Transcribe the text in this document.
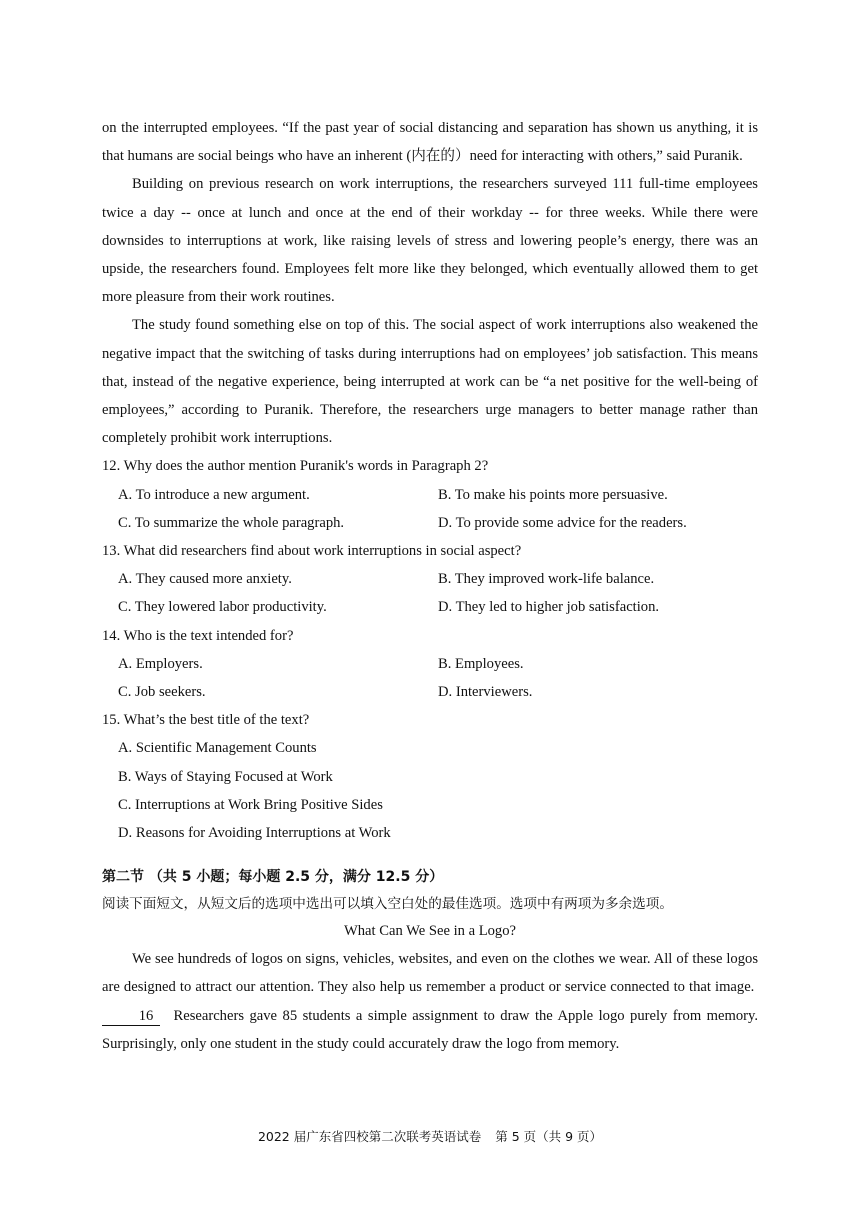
on the interrupted employees. “If the past year of social distancing and separation has shown us anything, it is that humans are social beings who have an inherent (内在的）need for interacting with others,” said Puranik.

Building on previous research on work interruptions, the researchers surveyed 111 full-time employees twice a day -- once at lunch and once at the end of their workday -- for three weeks. While there were downsides to interruptions at work, like raising levels of stress and lowering people’s energy, there was an upside, the researchers found. Employees felt more like they belonged, which eventually allowed them to get more pleasure from their work routines.

The study found something else on top of this. The social aspect of work interruptions also weakened the negative impact that the switching of tasks during interruptions had on employees’ job satisfaction. This means that, instead of the negative experience, being interrupted at work can be “a net positive for the well-being of employees,” according to Puranik. Therefore, the researchers urge managers to better manage rather than completely prohibit work interruptions.

12. Why does the author mention Puranik's words in Paragraph 2?

A. To introduce a new argument.	B. To make his points more persuasive.
C. To summarize the whole paragraph.	D. To provide some advice for the readers.

13. What did researchers find about work interruptions in social aspect?

A. They caused more anxiety.	B. They improved work-life balance.
C. They lowered labor productivity.	D. They led to higher job satisfaction.

14. Who is the text intended for?

A. Employers.	B. Employees.
C. Job seekers.	D. Interviewers.

15. What’s the best title of the text?

A. Scientific Management Counts
B. Ways of Staying Focused at Work
C. Interruptions at Work Bring Positive Sides
D. Reasons for Avoiding Interruptions at Work
第二节 （共 5 小题；每小题 2.5 分，满分 12.5 分）
阅读下面短文，从短文后的选项中选出可以填入空白处的最佳选项。选项中有两项为多余选项。
What Can We See in a Logo?

We see hundreds of logos on signs, vehicles, websites, and even on the clothes we wear. All of these logos are designed to attract our attention. They also help us remember a product or service connected to that image.  16 Researchers gave 85 students a simple assignment to draw the Apple logo purely from memory. Surprisingly, only one student in the study could accurately draw the logo from memory.

2022 届广东省四校第二次联考英语试卷 第 5 页（共 9 页）
